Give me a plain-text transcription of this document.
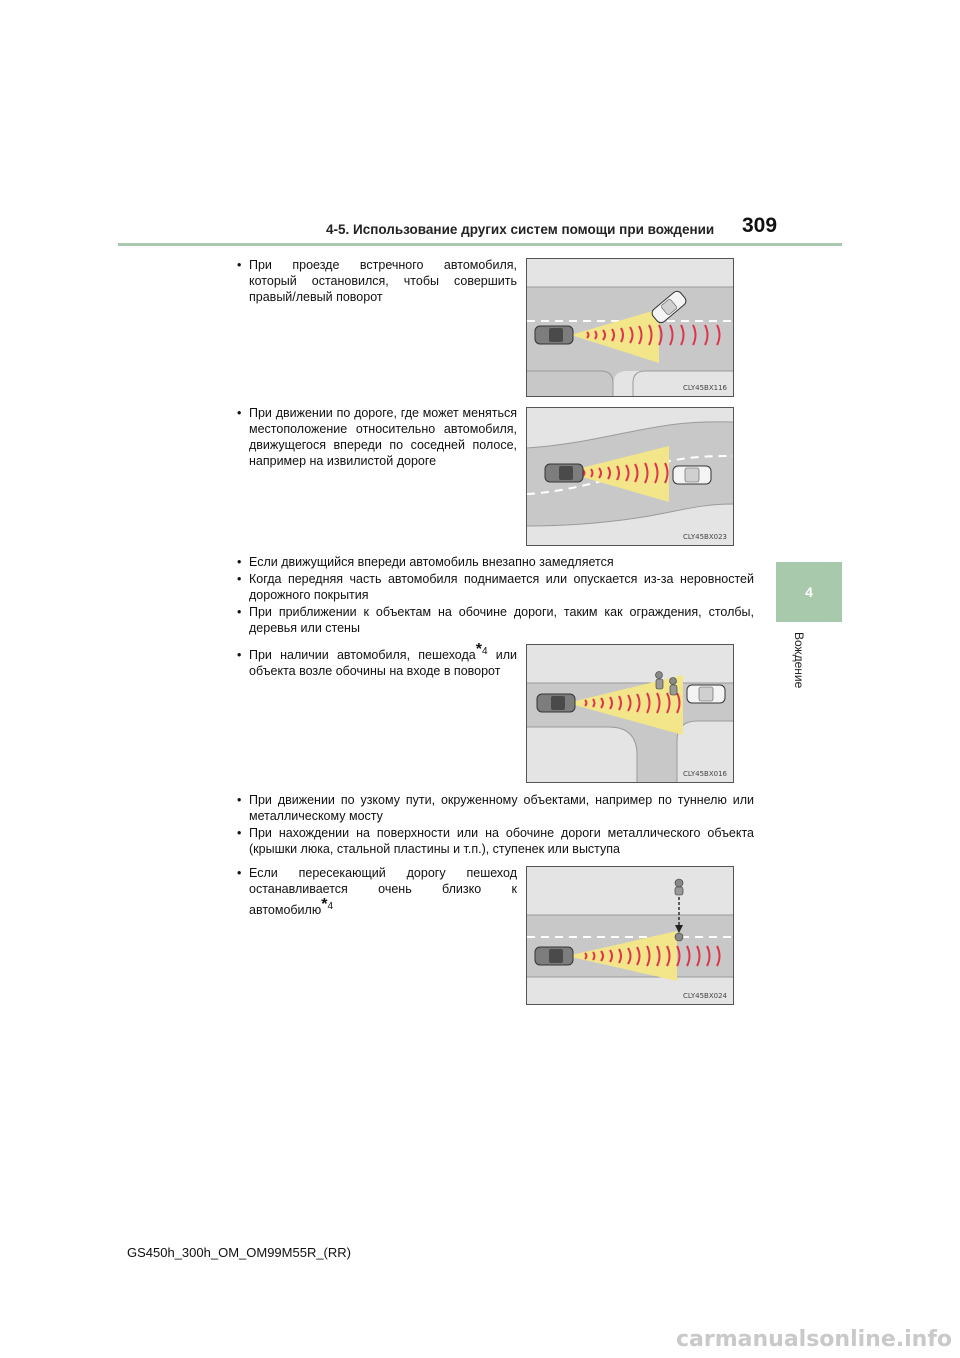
4-5. Использование других систем помощи при вождении 309
4
Вождение
• При проезде встречного автомобиля, который остановился, чтобы совершить правый/левый поворот
CLY45BX116
• При движении по дороге, где может меняться местоположение относительно автомобиля, движущегося впереди по соседней полосе, например на извилистой дороге
CLY45BX023
• Если движущийся впереди автомобиль внезапно замедляется
• Когда передняя часть автомобиля поднимается или опускается из-за неровностей дорожного покрытия
• При приближении к объектам на обочине дороги, таким как ограждения, столбы, деревья или стены
• При наличии автомобиля, пешехода$^{*4}$ или объекта возле обочины на входе в поворот
CLY45BX016
• При движении по узкому пути, окруженному объектами, например по туннелю или металлическому мосту
• При нахождении на поверхности или на обочине дороги металлического объекта (крышки люка, стальной пластины и т.п.), ступенек или выступа
• Если пересекающий дорогу пешеход останавливается очень близко к автомобилю$^{*4}$
CLY45BX024
GS450h_300h_OM_OM99M55R_(RR)
carmanualsonline.info
